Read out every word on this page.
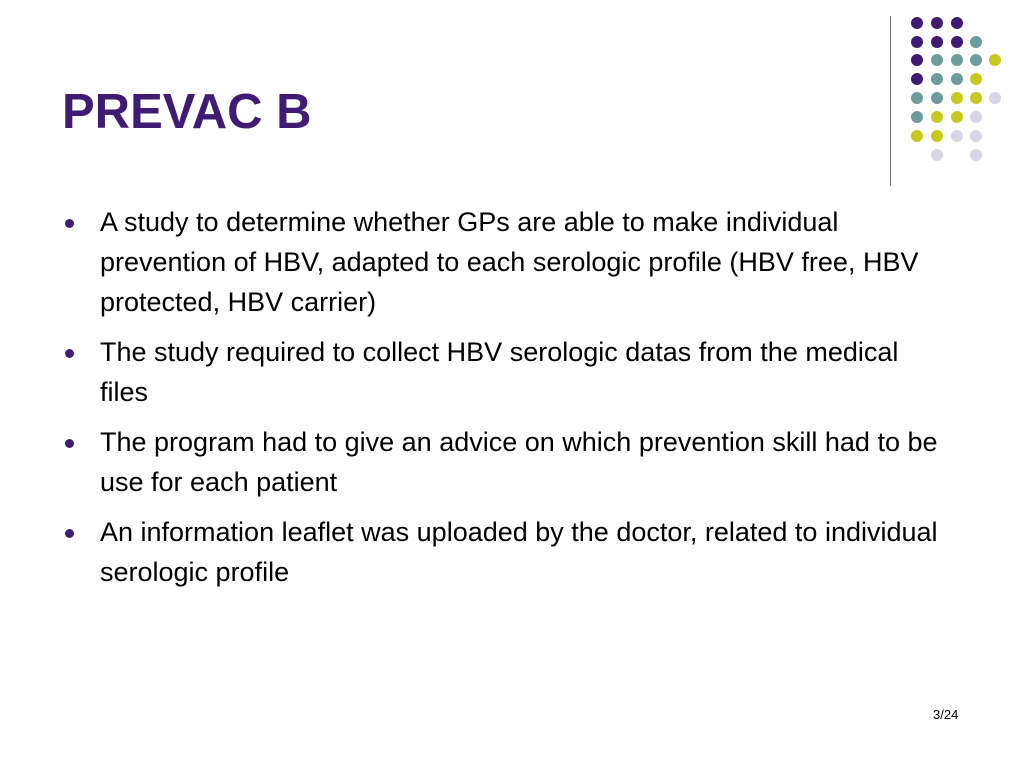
PREVAC B
A study to determine whether GPs are able to make individual prevention of HBV, adapted to each serologic profile (HBV free, HBV protected, HBV carrier)
The study required to collect HBV serologic datas from the medical files
The program had to give an advice on which prevention skill had to be use for each patient
An information leaflet was uploaded by the doctor, related to individual serologic profile
3/24
